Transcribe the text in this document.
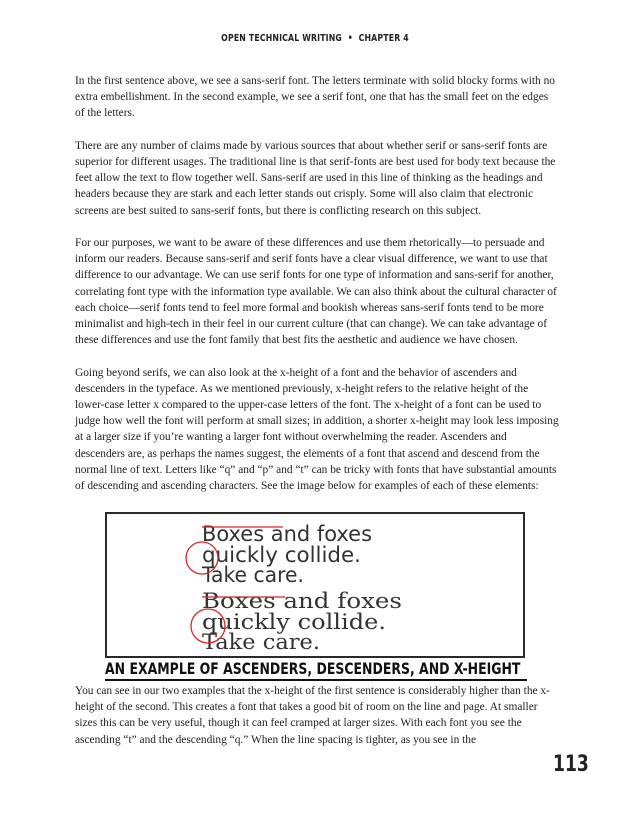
OPEN TECHNICAL WRITING • CHAPTER 4

In the first sentence above, we see a sans-serif font. The letters terminate with solid blocky forms with no extra embellishment. In the second example, we see a serif font, one that has the small feet on the edges of the letters.

There are any number of claims made by various sources that about whether serif or sans-serif fonts are superior for different usages. The traditional line is that serif-fonts are best used for body text because the feet allow the text to flow together well. Sans-serif are used in this line of thinking as the headings and headers because they are stark and each letter stands out crisply. Some will also claim that electronic screens are best suited to sans-serif fonts, but there is conflicting research on this subject.

For our purposes, we want to be aware of these differences and use them rhetorically—to persuade and inform our readers. Because sans-serif and serif fonts have a clear visual difference, we want to use that difference to our advantage. We can use serif fonts for one type of information and sans-serif for another, correlating font type with the information type available. We can also think about the cultural character of each choice—serif fonts tend to feel more formal and bookish whereas sans-serif fonts tend to be more minimalist and high-tech in their feel in our current culture (that can change). We can take advantage of these differences and use the font family that best fits the aesthetic and audience we have chosen.

Going beyond serifs, we can also look at the x-height of a font and the behavior of ascenders and descenders in the typeface. As we mentioned previously, x-height refers to the relative height of the lower-case letter x compared to the upper-case letters of the font. The x-height of a font can be used to judge how well the font will perform at small sizes; in addition, a shorter x-height may look less imposing at a larger size if you’re wanting a larger font without overwhelming the reader. Ascenders and descenders are, as perhaps the names suggest, the elements of a font that ascend and descend from the normal line of text. Letters like “q” and “p” and “t” can be tricky with fonts that have substantial amounts of descending and ascending characters. See the image below for examples of each of these elements:

Boxes and foxes
quickly collide.
Take care.
Boxes and foxes
quickly collide.
Take care.
AN EXAMPLE OF ASCENDERS, DESCENDERS, AND X-HEIGHT

You can see in our two examples that the x-height of the first sentence is considerably higher than the x-height of the second. This creates a font that takes a good bit of room on the line and page. At smaller sizes this can be very useful, though it can feel cramped at larger sizes. With each font you see the ascending “t” and the descending “q.” When the line spacing is tighter, as you see in the

113
